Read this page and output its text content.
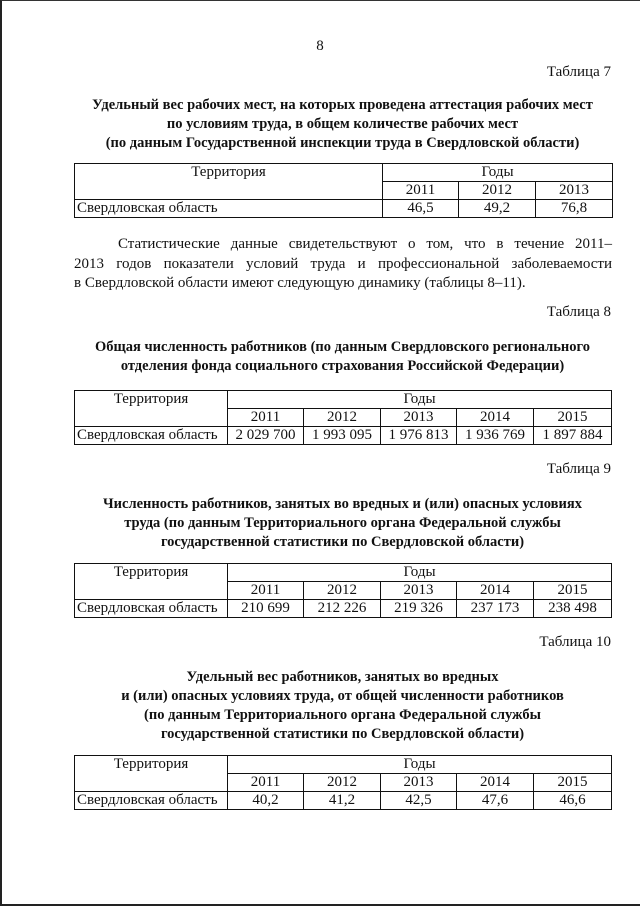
8
Таблица 7
Удельный вес рабочих мест, на которых проведена аттестация рабочих мест
по условиям труда, в общем количестве рабочих мест
(по данным Государственной инспекции труда в Свердловской области)
Территория	Годы		
	2011	2012	2013
Свердловская область	46,5	49,2	76,8
Статистические данные свидетельствуют о том, что в течение 2011–
2013 годов показатели условий труда и профессиональной заболеваемости
в Свердловской области имеют следующую динамику (таблицы 8–11).
Таблица 8
Общая численность работников (по данным Свердловского регионального
отделения фонда социального страхования Российской Федерации)
Территория	Годы				
	2011	2012	2013	2014	2015
Свердловская область	2 029 700	1 993 095	1 976 813	1 936 769	1 897 884
Таблица 9
Численность работников, занятых во вредных и (или) опасных условиях
труда (по данным Территориального органа Федеральной службы
государственной статистики по Свердловской области)
Территория	Годы				
	2011	2012	2013	2014	2015
Свердловская область	210 699	212 226	219 326	237 173	238 498
Таблица 10
Удельный вес работников, занятых во вредных
и (или) опасных условиях труда, от общей численности работников
(по данным Территориального органа Федеральной службы
государственной статистики по Свердловской области)
Территория	Годы				
	2011	2012	2013	2014	2015
Свердловская область	40,2	41,2	42,5	47,6	46,6
